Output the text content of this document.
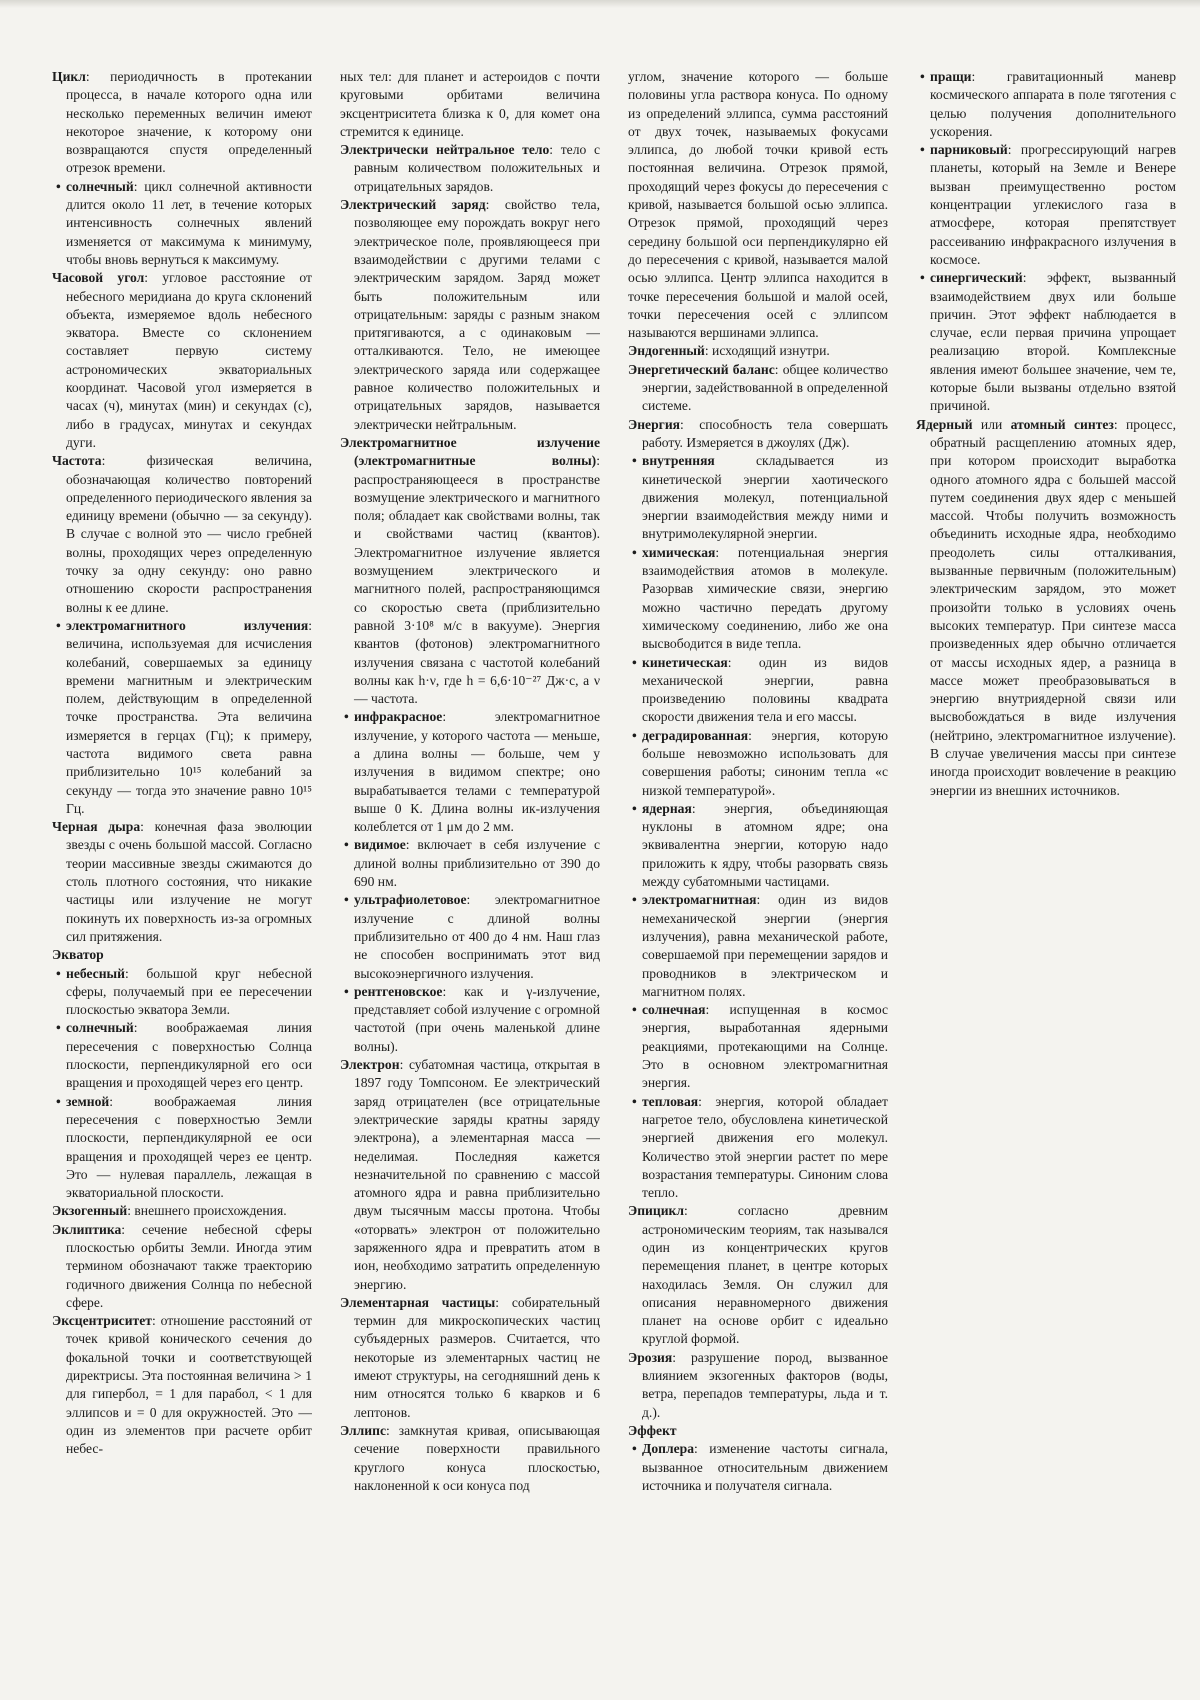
Цикл: периодичность в протекании процесса, в начале которого одна или несколько переменных величин имеют некоторое значение, к которому они возвращаются спустя определенный отрезок времени.

• солнечный: цикл солнечной активности длится около 11 лет, в течение которых интенсивность солнечных явлений изменяется от максимума к минимуму, чтобы вновь вернуться к максимуму.

Часовой угол: угловое расстояние от небесного меридиана до круга склонений объекта, измеряемое вдоль небесного экватора. Вместе со склонением составляет первую систему астрономических экваториальных координат. Часовой угол измеряется в часах (ч), минутах (мин) и секундах (с), либо в градусах, минутах и секундах дуги.

Частота: физическая величина, обозначающая количество повторений определенного периодического явления за единицу времени (обычно — за секунду). В случае с волной это — число гребней волны, проходящих через определенную точку за одну секунду: оно равно отношению скорости распространения волны к ее длине.

• электромагнитного излучения: величина, используемая для исчисления колебаний, совершаемых за единицу времени магнитным и электрическим полем, действующим в определенной точке пространства. Эта величина измеряется в герцах (Гц); к примеру, частота видимого света равна приблизительно 10¹⁵ колебаний за секунду — тогда это значение равно 10¹⁵ Гц.

Черная дыра: конечная фаза эволюции звезды с очень большой массой. Согласно теории массивные звезды сжимаются до столь плотного состояния, что никакие частицы или излучение не могут покинуть их поверхность из-за огромных сил притяжения.

Экватор

• небесный: большой круг небесной сферы, получаемый при ее пересечении плоскостью экватора Земли.

• солнечный: воображаемая линия пересечения с поверхностью Солнца плоскости, перпендикулярной его оси вращения и проходящей через его центр.

• земной: воображаемая линия пересечения с поверхностью Земли плоскости, перпендикулярной ее оси вращения и проходящей через ее центр. Это — нулевая параллель, лежащая в экваториальной плоскости.

Экзогенный: внешнего происхождения.

Эклиптика: сечение небесной сферы плоскостью орбиты Земли. Иногда этим термином обозначают также траекторию годичного движения Солнца по небесной сфере.

Эксцентриситет: отношение расстояний от точек кривой конического сечения до фокальной точки и соответствующей директрисы. Эта постоянная величина > 1 для гипербол, = 1 для парабол, < 1 для эллипсов и = 0 для окружностей. Это — один из элементов при расчете орбит небес-

ных тел: для планет и астероидов с почти круговыми орбитами величина эксцентриситета близка к 0, для комет она стремится к единице.

Электрически нейтральное тело: тело с равным количеством положительных и отрицательных зарядов.

Электрический заряд: свойство тела, позволяющее ему порождать вокруг него электрическое поле, проявляющееся при взаимодействии с другими телами с электрическим зарядом. Заряд может быть положительным или отрицательным: заряды с разным знаком притягиваются, а с одинаковым — отталкиваются. Тело, не имеющее электрического заряда или содержащее равное количество положительных и отрицательных зарядов, называется электрически нейтральным.

Электромагнитное излучение (электромагнитные волны): распространяющееся в пространстве возмущение электрического и магнитного поля; обладает как свойствами волны, так и свойствами частиц (квантов). Электромагнитное излучение является возмущением электрического и магнитного полей, распространяющимся со скоростью света (приблизительно равной 3·10⁸ м/с в вакууме). Энергия квантов (фотонов) электромагнитного излучения связана с частотой колебаний волны как h·ν, где h = 6,6·10⁻²⁷ Дж·с, а ν — частота.

• инфракрасное: электромагнитное излучение, у которого частота — меньше, а длина волны — больше, чем у излучения в видимом спектре; оно вырабатывается телами с температурой выше 0 К. Длина волны ик-излучения колеблется от 1 μм до 2 мм.

• видимое: включает в себя излучение с длиной волны приблизительно от 390 до 690 нм.

• ультрафиолетовое: электромагнитное излучение с длиной волны приблизительно от 400 до 4 нм. Наш глаз не способен воспринимать этот вид высокоэнергичного излучения.

• рентгеновское: как и γ-излучение, представляет собой излучение с огромной частотой (при очень маленькой длине волны).

Электрон: субатомная частица, открытая в 1897 году Томпсоном. Ее электрический заряд отрицателен (все отрицательные электрические заряды кратны заряду электрона), а элементарная масса — неделимая. Последняя кажется незначительной по сравнению с массой атомного ядра и равна приблизительно двум тысячным массы протона. Чтобы «оторвать» электрон от положительно заряженного ядра и превратить атом в ион, необходимо затратить определенную энергию.

Элементарная частицы: собирательный термин для микроскопических частиц субъядерных размеров. Считается, что некоторые из элементарных частиц не имеют структуры, на сегодняшний день к ним относятся только 6 кварков и 6 лептонов.

Эллипс: замкнутая кривая, описывающая сечение поверхности правильного круглого конуса плоскостью, наклоненной к оси конуса под

углом, значение которого — больше половины угла раствора конуса. По одному из определений эллипса, сумма расстояний от двух точек, называемых фокусами эллипса, до любой точки кривой есть постоянная величина. Отрезок прямой, проходящий через фокусы до пересечения с кривой, называется большой осью эллипса. Отрезок прямой, проходящий через середину большой оси перпендикулярно ей до пересечения с кривой, называется малой осью эллипса. Центр эллипса находится в точке пересечения большой и малой осей, точки пересечения осей с эллипсом называются вершинами эллипса.

Эндогенный: исходящий изнутри.

Энергетический баланс: общее количество энергии, задействованной в определенной системе.

Энергия: способность тела совершать работу. Измеряется в джоулях (Дж).

• внутренняя складывается из кинетической энергии хаотического движения молекул, потенциальной энергии взаимодействия между ними и внутримолекулярной энергии.

• химическая: потенциальная энергия взаимодействия атомов в молекуле. Разорвав химические связи, энергию можно частично передать другому химическому соединению, либо же она высвободится в виде тепла.

• кинетическая: один из видов механической энергии, равна произведению половины квадрата скорости движения тела и его массы.

• деградированная: энергия, которую больше невозможно использовать для совершения работы; синоним тепла «с низкой температурой».

• ядерная: энергия, объединяющая нуклоны в атомном ядре; она эквивалентна энергии, которую надо приложить к ядру, чтобы разорвать связь между субатомными частицами.

• электромагнитная: один из видов немеханической энергии (энергия излучения), равна механической работе, совершаемой при перемещении зарядов и проводников в электрическом и магнитном полях.

• солнечная: испущенная в космос энергия, выработанная ядерными реакциями, протекающими на Солнце. Это в основном электромагнитная энергия.

• тепловая: энергия, которой обладает нагретое тело, обусловлена кинетической энергией движения его молекул. Количество этой энергии растет по мере возрастания температуры. Синоним слова тепло.

Эпицикл: согласно древним астрономическим теориям, так назывался один из концентрических кругов перемещения планет, в центре которых находилась Земля. Он служил для описания неравномерного движения планет на основе орбит с идеально круглой формой.

Эрозия: разрушение пород, вызванное влиянием экзогенных факторов (воды, ветра, перепадов температуры, льда и т. д.).

Эффект

• Доплера: изменение частоты сигнала, вызванное относительным движением источника и получателя сигнала.

• пращи: гравитационный маневр космического аппарата в поле тяготения с целью получения дополнительного ускорения.

• парниковый: прогрессирующий нагрев планеты, который на Земле и Венере вызван преимущественно ростом концентрации углекислого газа в атмосфере, которая препятствует рассеиванию инфракрасного излучения в космосе.

• синергический: эффект, вызванный взаимодействием двух или больше причин. Этот эффект наблюдается в случае, если первая причина упрощает реализацию второй. Комплексные явления имеют большее значение, чем те, которые были вызваны отдельно взятой причиной.

Ядерный или атомный синтез: процесс, обратный расщеплению атомных ядер, при котором происходит выработка одного атомного ядра с большей массой путем соединения двух ядер с меньшей массой. Чтобы получить возможность объединить исходные ядра, необходимо преодолеть силы отталкивания, вызванные первичным (положительным) электрическим зарядом, это может произойти только в условиях очень высоких температур. При синтезе масса произведенных ядер обычно отличается от массы исходных ядер, а разница в массе может преобразовываться в энергию внутриядерной связи или высвобождаться в виде излучения (нейтрино, электромагнитное излучение). В случае увеличения массы при синтезе иногда происходит вовлечение в реакцию энергии из внешних источников.
